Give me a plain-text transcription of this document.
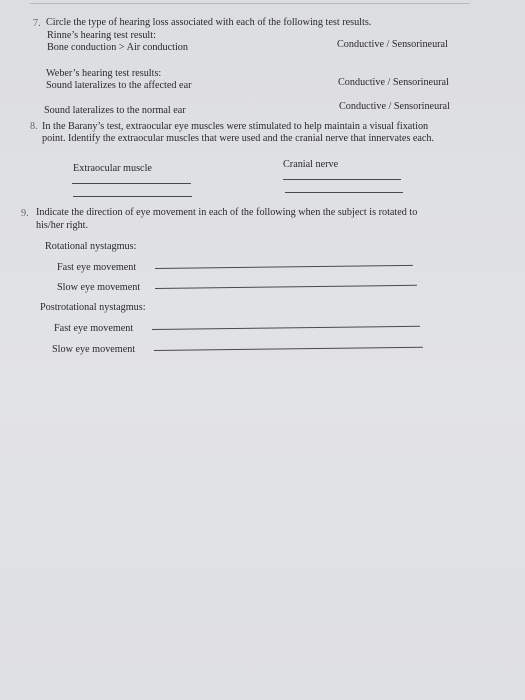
7. Circle the type of hearing loss associated with each of the following test results.
Rinne’s hearing test result:
Bone conduction > Air conduction	Conductive / Sensorineural
Weber’s hearing test results:
Sound lateralizes to the affected ear	Conductive / Sensorineural
Sound lateralizes to the normal ear	Conductive / Sensorineural
8. In the Barany’s test, extraocular eye muscles were stimulated to help maintain a visual fixation
point. Identify the extraocular muscles that were used and the cranial nerve that innervates each.
Extraocular muscle	Cranial nerve
9. Indicate the direction of eye movement in each of the following when the subject is rotated to
his/her right.
Rotational nystagmus:
Fast eye movement
Slow eye movement
Postrotational nystagmus:
Fast eye movement
Slow eye movement
